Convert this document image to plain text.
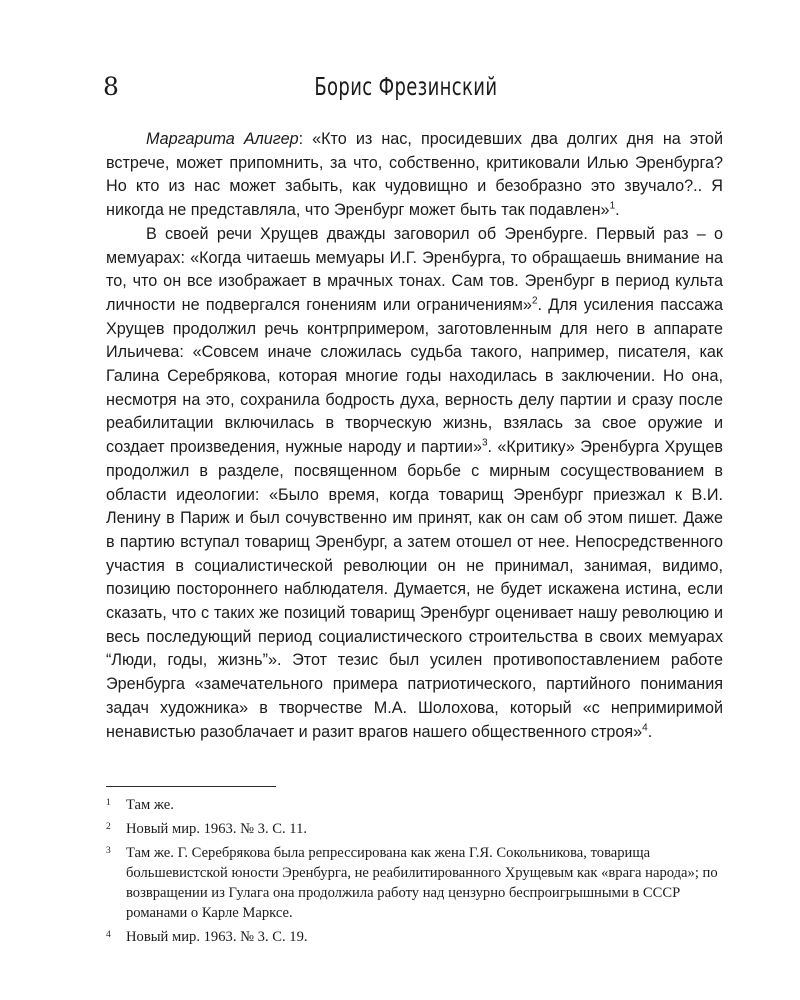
8	Борис Фрезинский

Маргарита Алигер: «Кто из нас, просидевших два долгих дня на этой встрече, может припомнить, за что, собственно, критиковали Илью Эренбурга? Но кто из нас может забыть, как чудовищно и безобразно это звучало?.. Я никогда не представляла, что Эренбург может быть так подавлен»$^1$.

В своей речи Хрущев дважды заговорил об Эренбурге. Первый раз – о мемуарах: «Когда читаешь мемуары И.Г. Эренбурга, то обращаешь внимание на то, что он все изображает в мрачных тонах. Сам тов. Эренбург в период культа личности не подвергался гонениям или ограничениям»$^2$. Для усиления пассажа Хрущев продолжил речь контрпримером, заготовленным для него в аппарате Ильичева: «Совсем иначе сложилась судьба такого, например, писателя, как Галина Серебрякова, которая многие годы находилась в заключении. Но она, несмотря на это, сохранила бодрость духа, верность делу партии и сразу после реабилитации включилась в творческую жизнь, взялась за свое оружие и создает произведения, нужные народу и партии»$^3$. «Критику» Эренбурга Хрущев продолжил в разделе, посвященном борьбе с мирным сосуществованием в области идеологии: «Было время, когда товарищ Эренбург приезжал к В.И. Ленину в Париж и был сочувственно им принят, как он сам об этом пишет. Даже в партию вступал товарищ Эренбург, а затем отошел от нее. Непосредственного участия в социалистической революции он не принимал, занимая, видимо, позицию постороннего наблюдателя. Думается, не будет искажена истина, если сказать, что с таких же позиций товарищ Эренбург оценивает нашу революцию и весь последующий период социалистического строительства в своих мемуарах “Люди, годы, жизнь”». Этот тезис был усилен противопоставлением работе Эренбурга «замечательного примера патриотического, партийного понимания задач художника» в творчестве М.А. Шолохова, который «с непримиримой ненавистью разоблачает и разит врагов нашего общественного строя»$^4$.

1 Там же.
2 Новый мир. 1963. № 3. С. 11.
3 Там же. Г. Серебрякова была репрессирована как жена Г.Я. Сокольникова, товарища большевистской юности Эренбурга, не реабилитированного Хрущевым как «врага народа»; по возвращении из Гулага она продолжила работу над цензурно беспроигрышными в СССР романами о Карле Марксе.
4 Новый мир. 1963. № 3. С. 19.
